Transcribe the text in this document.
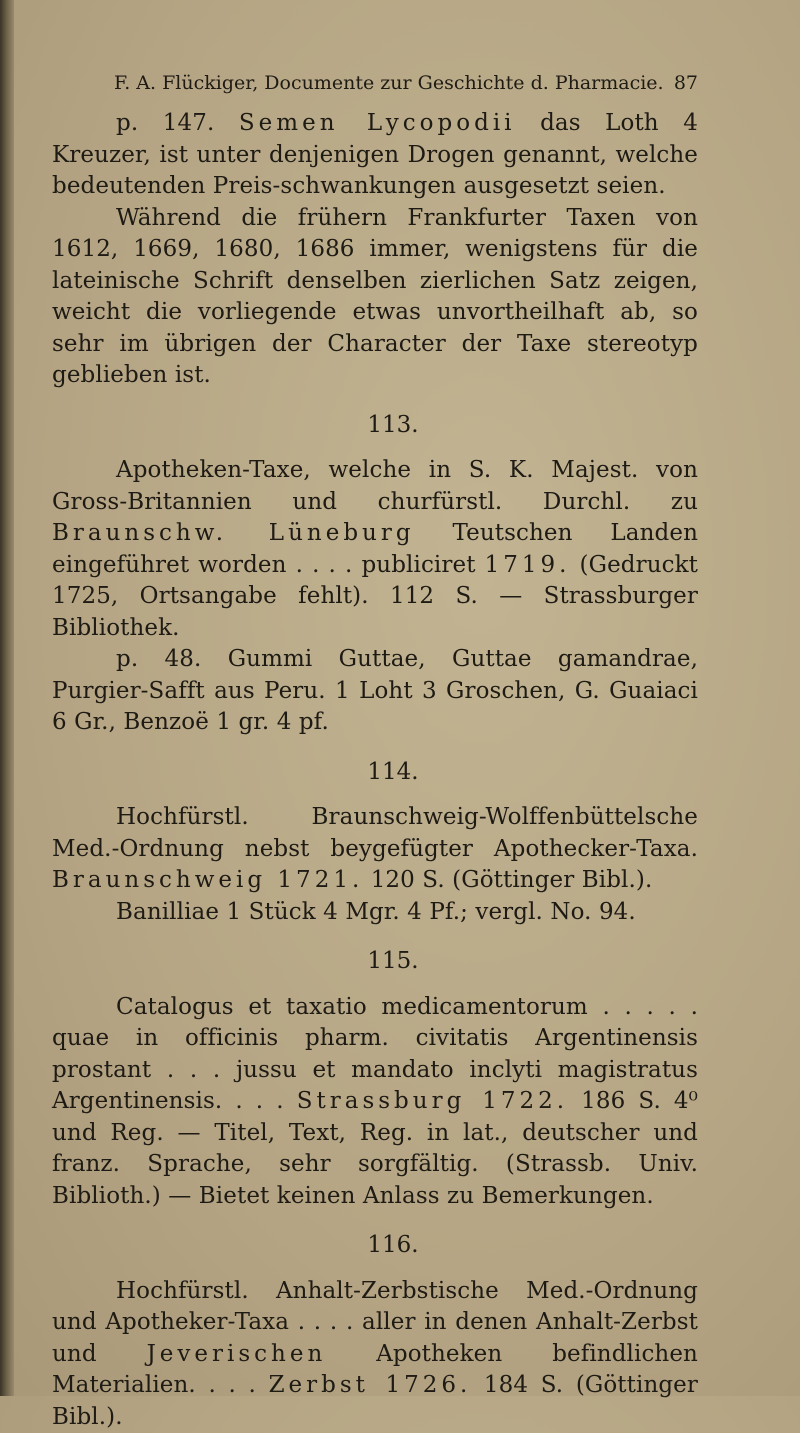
F. A. Flückiger, Documente zur Geschichte d. Pharmacie. 87

p. 147. Semen Lycopodii das Loth 4 Kreuzer, ist unter denjenigen Drogen genannt, welche bedeutenden Preis-schwankungen ausgesetzt seien.

Während die frühern Frankfurter Taxen von 1612, 1669, 1680, 1686 immer, wenigstens für die lateinische Schrift denselben zierlichen Satz zeigen, weicht die vorliegende etwas unvortheilhaft ab, so sehr im übrigen der Character der Taxe stereotyp geblieben ist.

113.

Apotheken-Taxe, welche in S. K. Majest. von Gross-Britannien und churfürstl. Durchl. zu Braunschw. Lüneburg Teutschen Landen eingeführet worden . . . . publiciret 1719. (Gedruckt 1725, Ortsangabe fehlt). 112 S. — Strassburger Bibliothek.

p. 48. Gummi Guttae, Guttae gamandrae, Purgier-Safft aus Peru. 1 Loht 3 Groschen, G. Guaiaci 6 Gr., Benzoë 1 gr. 4 pf.

114.

Hochfürstl. Braunschweig-Wolffenbüttelsche Med.-Ordnung nebst beygefügter Apothecker-Taxa. Braunschweig 1721. 120 S. (Göttinger Bibl.).

Banilliae 1 Stück 4 Mgr. 4 Pf.; vergl. No. 94.

115.

Catalogus et taxatio medicamentorum . . . . . quae in officinis pharm. civitatis Argentinensis prostant . . . jussu et mandato inclyti magistratus Argentinensis. . . . Strassburg 1722. 186 S. 4⁰ und Reg. — Titel, Text, Reg. in lat., deutscher und franz. Sprache, sehr sorgfältig. (Strassb. Univ. Biblioth.) — Bietet keinen Anlass zu Bemerkungen.

116.

Hochfürstl. Anhalt-Zerbstische Med.-Ordnung und Apotheker-Taxa . . . . aller in denen Anhalt-Zerbst und Jeverischen Apotheken befindlichen Materialien. . . . Zerbst 1726. 184 S. (Göttinger Bibl.).
